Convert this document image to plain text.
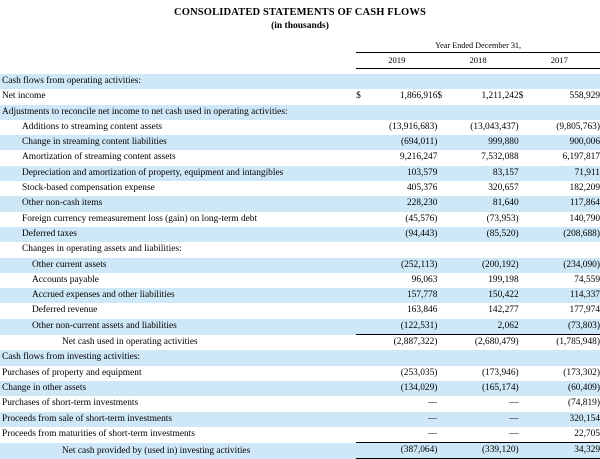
CONSOLIDATED STATEMENTS OF CASH FLOWS
(in thousands)
	Year Ended December 31,					
	2019		2018		2017	

Cash flows from operating activities:						
Net income	$	1,866,916	$	1,211,242	$	558,929
Adjustments to reconcile net income to net cash used in operating activities:						
Additions to streaming content assets		(13,916,683)		(13,043,437)		(9,805,763)
Change in streaming content liabilities		(694,011)		999,880		900,006
Amortization of streaming content assets		9,216,247		7,532,088		6,197,817
Depreciation and amortization of property, equipment and intangibles		103,579		83,157		71,911
Stock-based compensation expense		405,376		320,657		182,209
Other non-cash items		228,230		81,640		117,864
Foreign currency remeasurement loss (gain) on long-term debt		(45,576)		(73,953)		140,790
Deferred taxes		(94,443)		(85,520)		(208,688)
Changes in operating assets and liabilities:						
Other current assets		(252,113)		(200,192)		(234,090)
Accounts payable		96,063		199,198		74,559
Accrued expenses and other liabilities		157,778		150,422		114,337
Deferred revenue		163,846		142,277		177,974
Other non-current assets and liabilities		(122,531)		2,062		(73,803)
Net cash used in operating activities		(2,887,322)		(2,680,479)		(1,785,948)
Cash flows from investing activities:						
Purchases of property and equipment		(253,035)		(173,946)		(173,302)
Change in other assets		(134,029)		(165,174)		(60,409)
Purchases of short-term investments		—		—		(74,819)
Proceeds from sale of short-term investments		—		—		320,154
Proceeds from maturities of short-term investments		—		—		22,705
Net cash provided by (used in) investing activities		(387,064)		(339,120)		34,329
